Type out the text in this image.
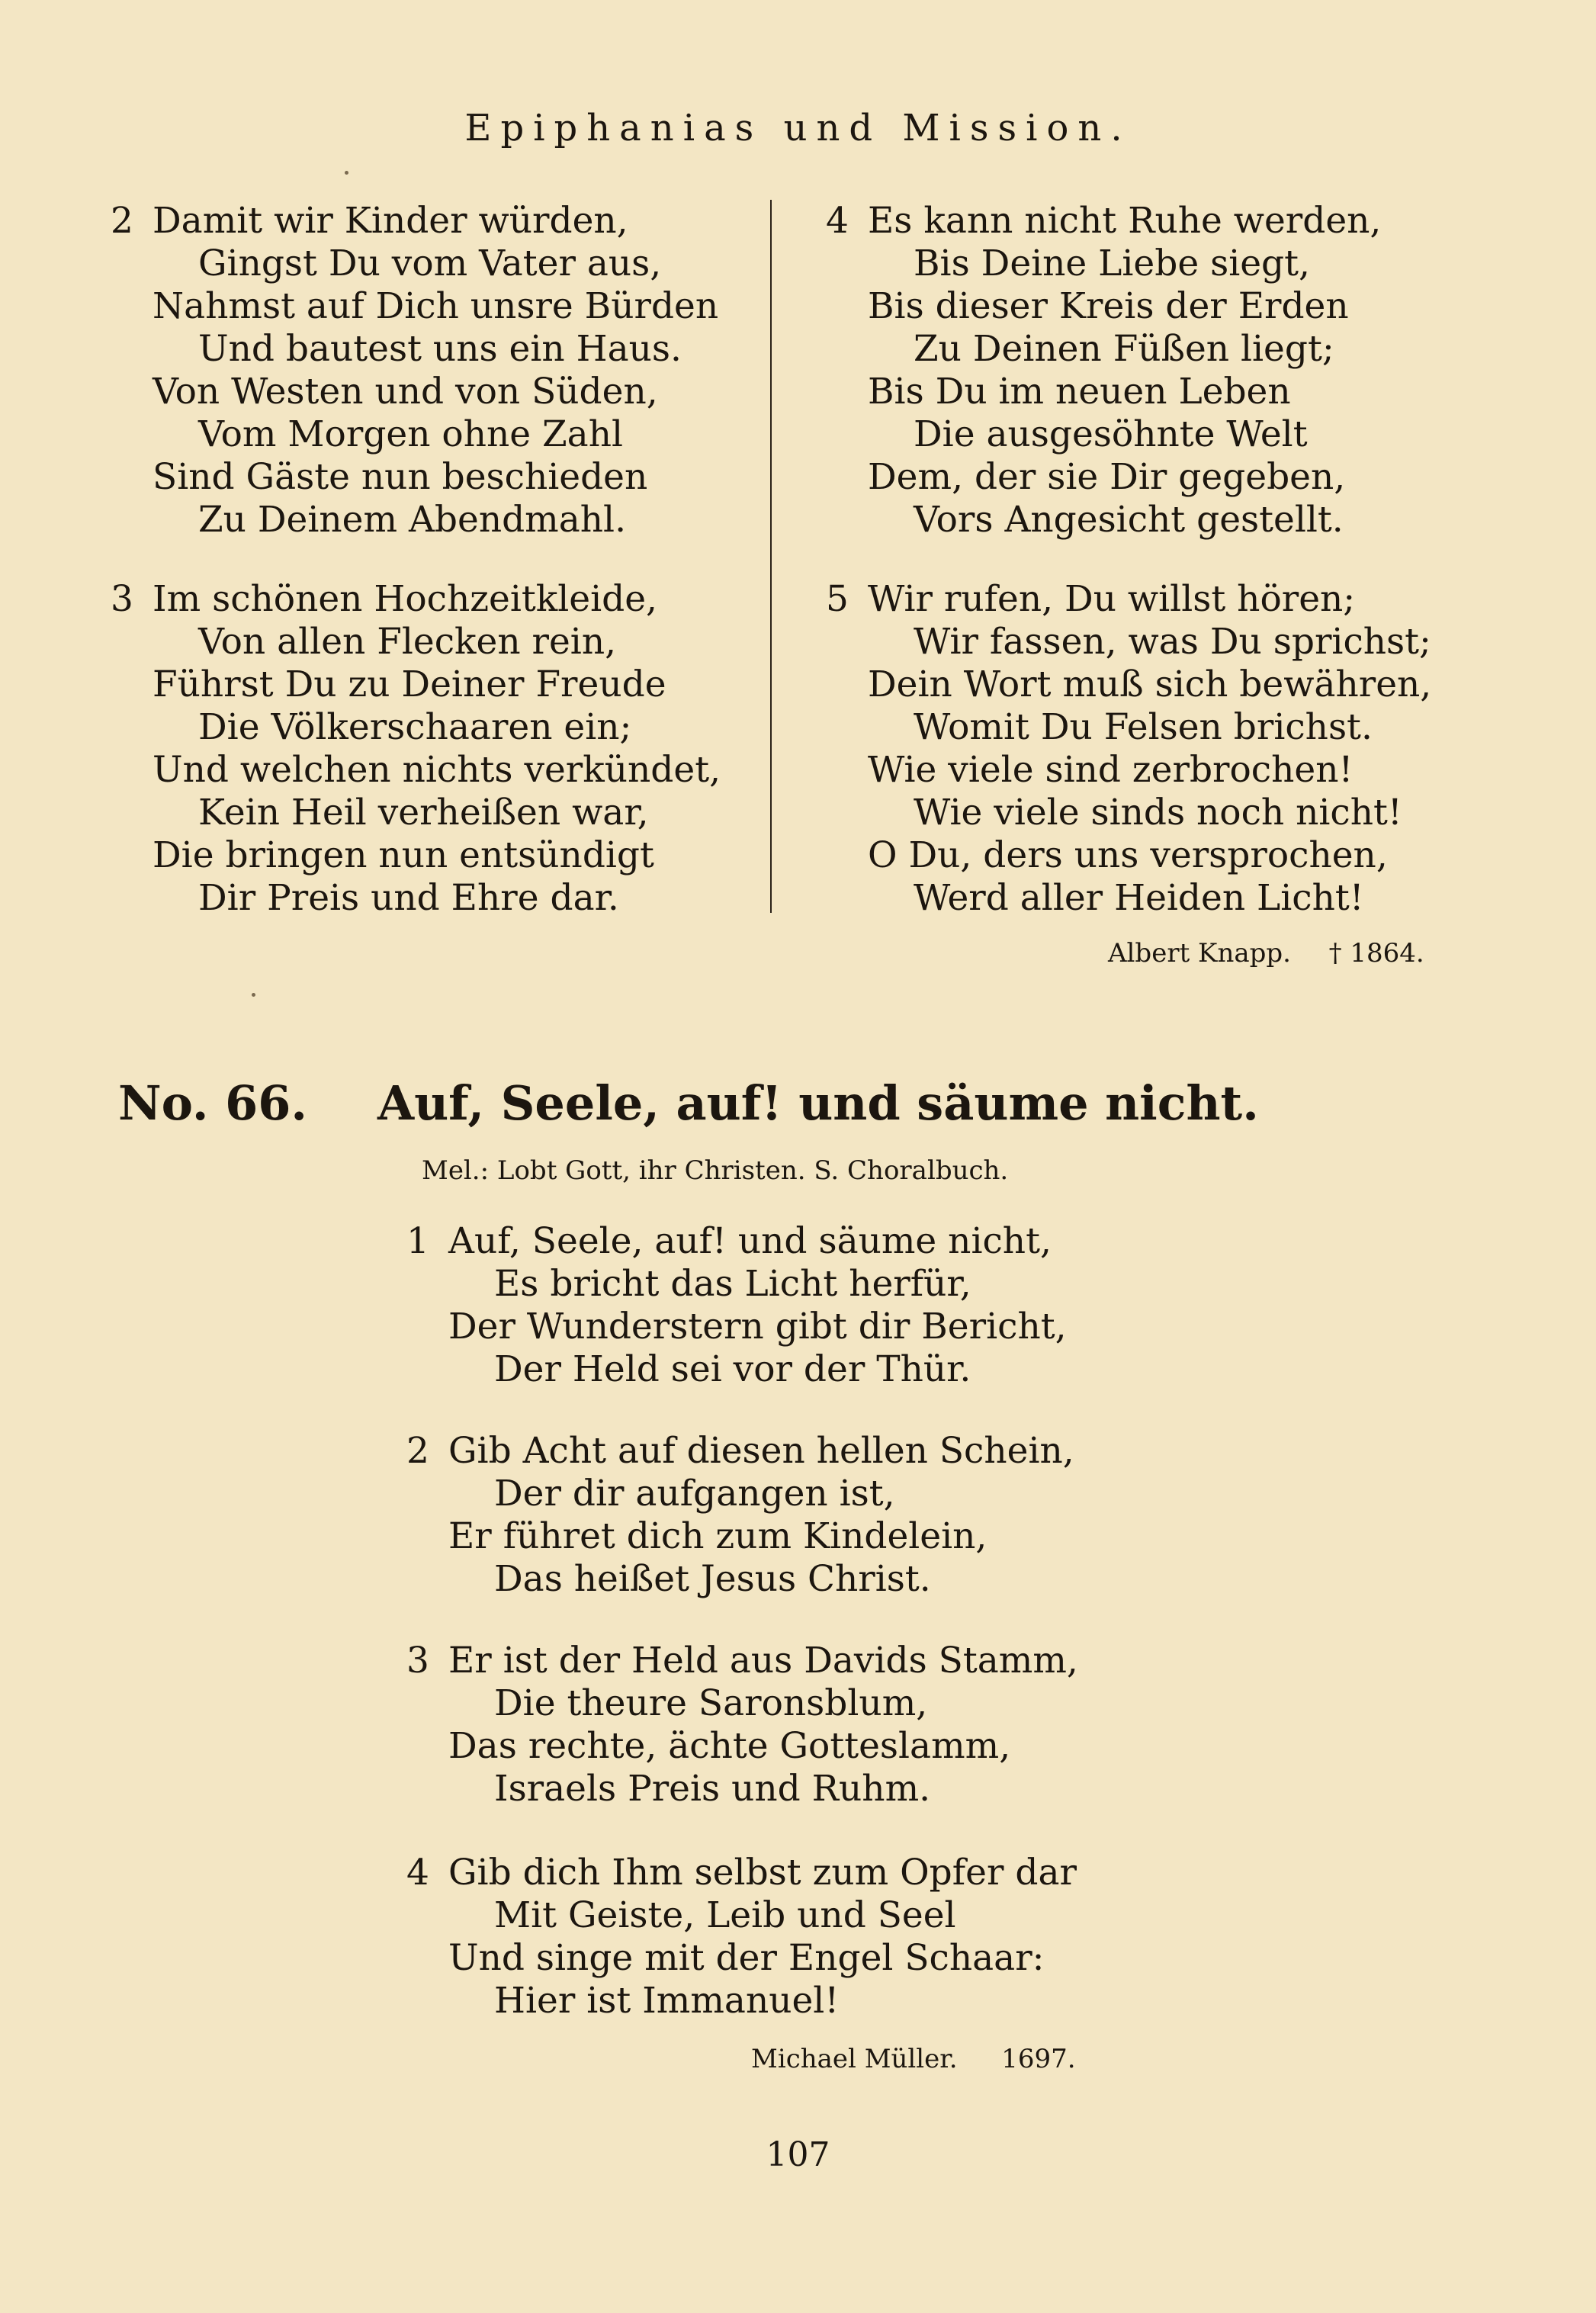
Epiphanias und Mission.
2 Damit wir Kinder würden,
Gingst Du vom Vater aus,
Nahmst auf Dich unsre Bürden
Und bautest uns ein Haus.
Von Westen und von Süden,
Vom Morgen ohne Zahl
Sind Gäste nun beschieden
Zu Deinem Abendmahl.
3 Im schönen Hochzeitkleide,
Von allen Flecken rein,
Führst Du zu Deiner Freude
Die Völkerschaaren ein;
Und welchen nichts verkündet,
Kein Heil verheißen war,
Die bringen nun entsündigt
Dir Preis und Ehre dar.
4 Es kann nicht Ruhe werden,
Bis Deine Liebe siegt,
Bis dieser Kreis der Erden
Zu Deinen Füßen liegt;
Bis Du im neuen Leben
Die ausgesöhnte Welt
Dem, der sie Dir gegeben,
Vors Angesicht gestellt.
5 Wir rufen, Du willst hören;
Wir fassen, was Du sprichst;
Dein Wort muß sich bewähren,
Womit Du Felsen brichst.
Wie viele sind zerbrochen!
Wie viele sinds noch nicht!
O Du, ders uns versprochen,
Werd aller Heiden Licht!
Albert Knapp. † 1864.
No. 66. Auf, Seele, auf! und säume nicht.
Mel.: Lobt Gott, ihr Christen. S. Choralbuch.
1 Auf, Seele, auf! und säume nicht,
Es bricht das Licht herfür,
Der Wunderstern gibt dir Bericht,
Der Held sei vor der Thür.
2 Gib Acht auf diesen hellen Schein,
Der dir aufgangen ist,
Er führet dich zum Kindelein,
Das heißet Jesus Christ.
3 Er ist der Held aus Davids Stamm,
Die theure Saronsblum,
Das rechte, ächte Gotteslamm,
Israels Preis und Ruhm.
4 Gib dich Ihm selbst zum Opfer dar
Mit Geiste, Leib und Seel
Und singe mit der Engel Schaar:
Hier ist Immanuel!
Michael Müller. 1697.
107
